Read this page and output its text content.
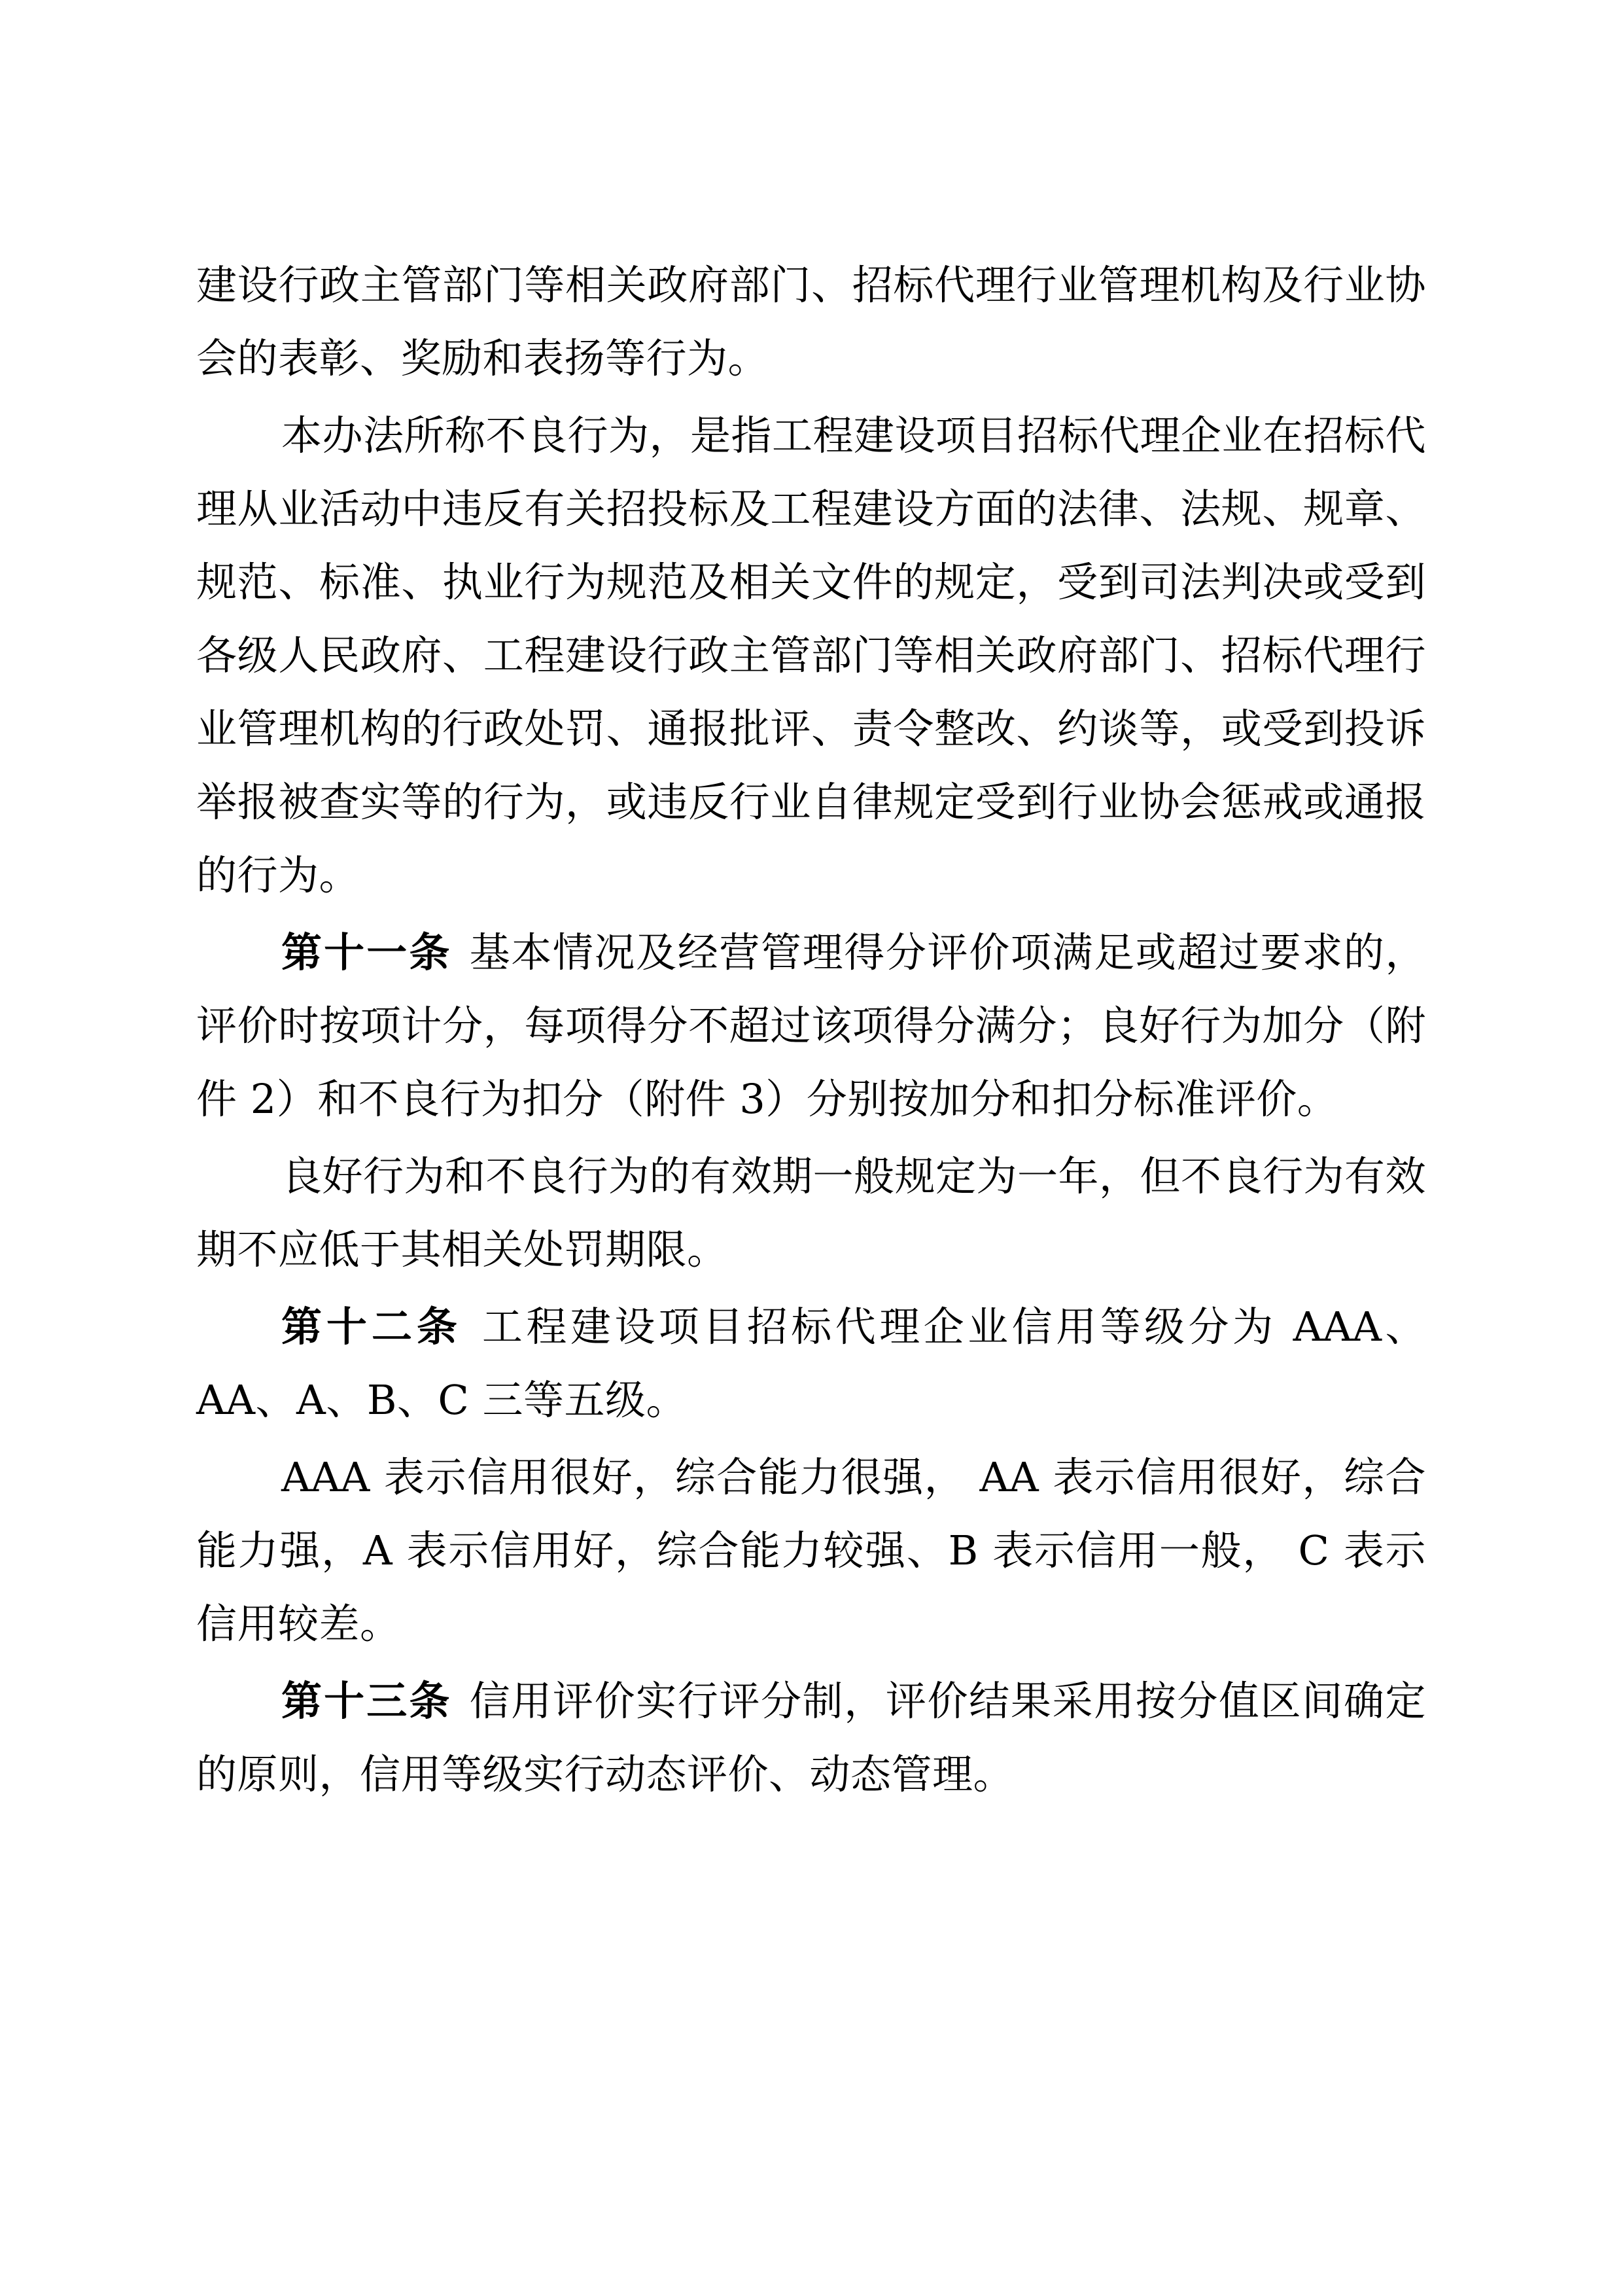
建设行政主管部门等相关政府部门、招标代理行业管理机构及行业协会的表彰、奖励和表扬等行为。

本办法所称不良行为，是指工程建设项目招标代理企业在招标代理从业活动中违反有关招投标及工程建设方面的法律、法规、规章、规范、标准、执业行为规范及相关文件的规定，受到司法判决或受到各级人民政府、工程建设行政主管部门等相关政府部门、招标代理行业管理机构的行政处罚、通报批评、责令整改、约谈等，或受到投诉举报被查实等的行为，或违反行业自律规定受到行业协会惩戒或通报的行为。

第十一条 基本情况及经营管理得分评价项满足或超过要求的，评价时按项计分，每项得分不超过该项得分满分；良好行为加分（附件 2）和不良行为扣分（附件 3）分别按加分和扣分标准评价。

良好行为和不良行为的有效期一般规定为一年，但不良行为有效期不应低于其相关处罚期限。

第十二条 工程建设项目招标代理企业信用等级分为 AAA、AA、A、B、C 三等五级。

AAA 表示信用很好，综合能力很强， AA 表示信用很好，综合能力强，A 表示信用好，综合能力较强、B 表示信用一般， C 表示信用较差。

第十三条 信用评价实行评分制，评价结果采用按分值区间确定的原则，信用等级实行动态评价、动态管理。
